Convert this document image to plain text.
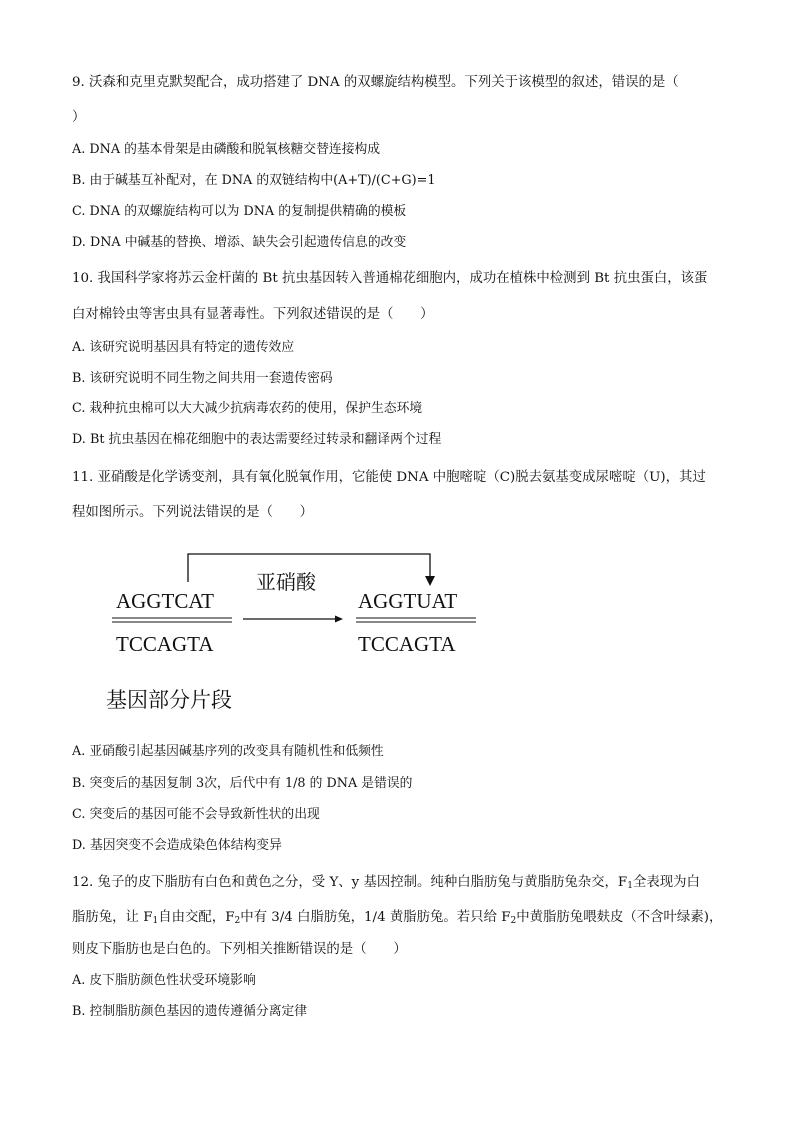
9. 沃森和克里克默契配合，成功搭建了 DNA 的双螺旋结构模型。下列关于该模型的叙述，错误的是（
）
A. DNA 的基本骨架是由磷酸和脱氧核糖交替连接构成
B. 由于碱基互补配对，在 DNA 的双链结构中(A+T)/(C+G)=1
C. DNA 的双螺旋结构可以为 DNA 的复制提供精确的模板
D. DNA 中碱基的替换、增添、缺失会引起遗传信息的改变
10. 我国科学家将苏云金杆菌的 Bt 抗虫基因转入普通棉花细胞内，成功在植株中检测到 Bt 抗虫蛋白，该蛋
白对棉铃虫等害虫具有显著毒性。下列叙述错误的是（　　）
A. 该研究说明基因具有特定的遗传效应
B. 该研究说明不同生物之间共用一套遗传密码
C. 栽种抗虫棉可以大大减少抗病毒农药的使用，保护生态环境
D. Bt 抗虫基因在棉花细胞中的表达需要经过转录和翻译两个过程
11. 亚硝酸是化学诱变剂，具有氧化脱氧作用，它能使 DNA 中胞嘧啶（C)脱去氨基变成尿嘧啶（U)，其过
程如图所示。下列说法错误的是（　　）
亚硝酸
AGGTCAT
TCCAGTA
AGGTUAT
TCCAGTA
基因部分片段
A. 亚硝酸引起基因碱基序列的改变具有随机性和低频性
B. 突变后的基因复制 3次，后代中有 1/8 的 DNA 是错误的
C. 突变后的基因可能不会导致新性状的出现
D. 基因突变不会造成染色体结构变异
12. 兔子的皮下脂肪有白色和黄色之分，受 Y、y 基因控制。纯种白脂肪兔与黄脂肪兔杂交，$F_1$全表现为白
脂肪兔，让 $F_1$自由交配，$F_2$中有 3/4 白脂肪兔，1/4 黄脂肪兔。若只给 $F_2$中黄脂肪兔喂麸皮（不含叶绿素)，
则皮下脂肪也是白色的。下列相关推断错误的是（　　）
A. 皮下脂肪颜色性状受环境影响
B. 控制脂肪颜色基因的遗传遵循分离定律
